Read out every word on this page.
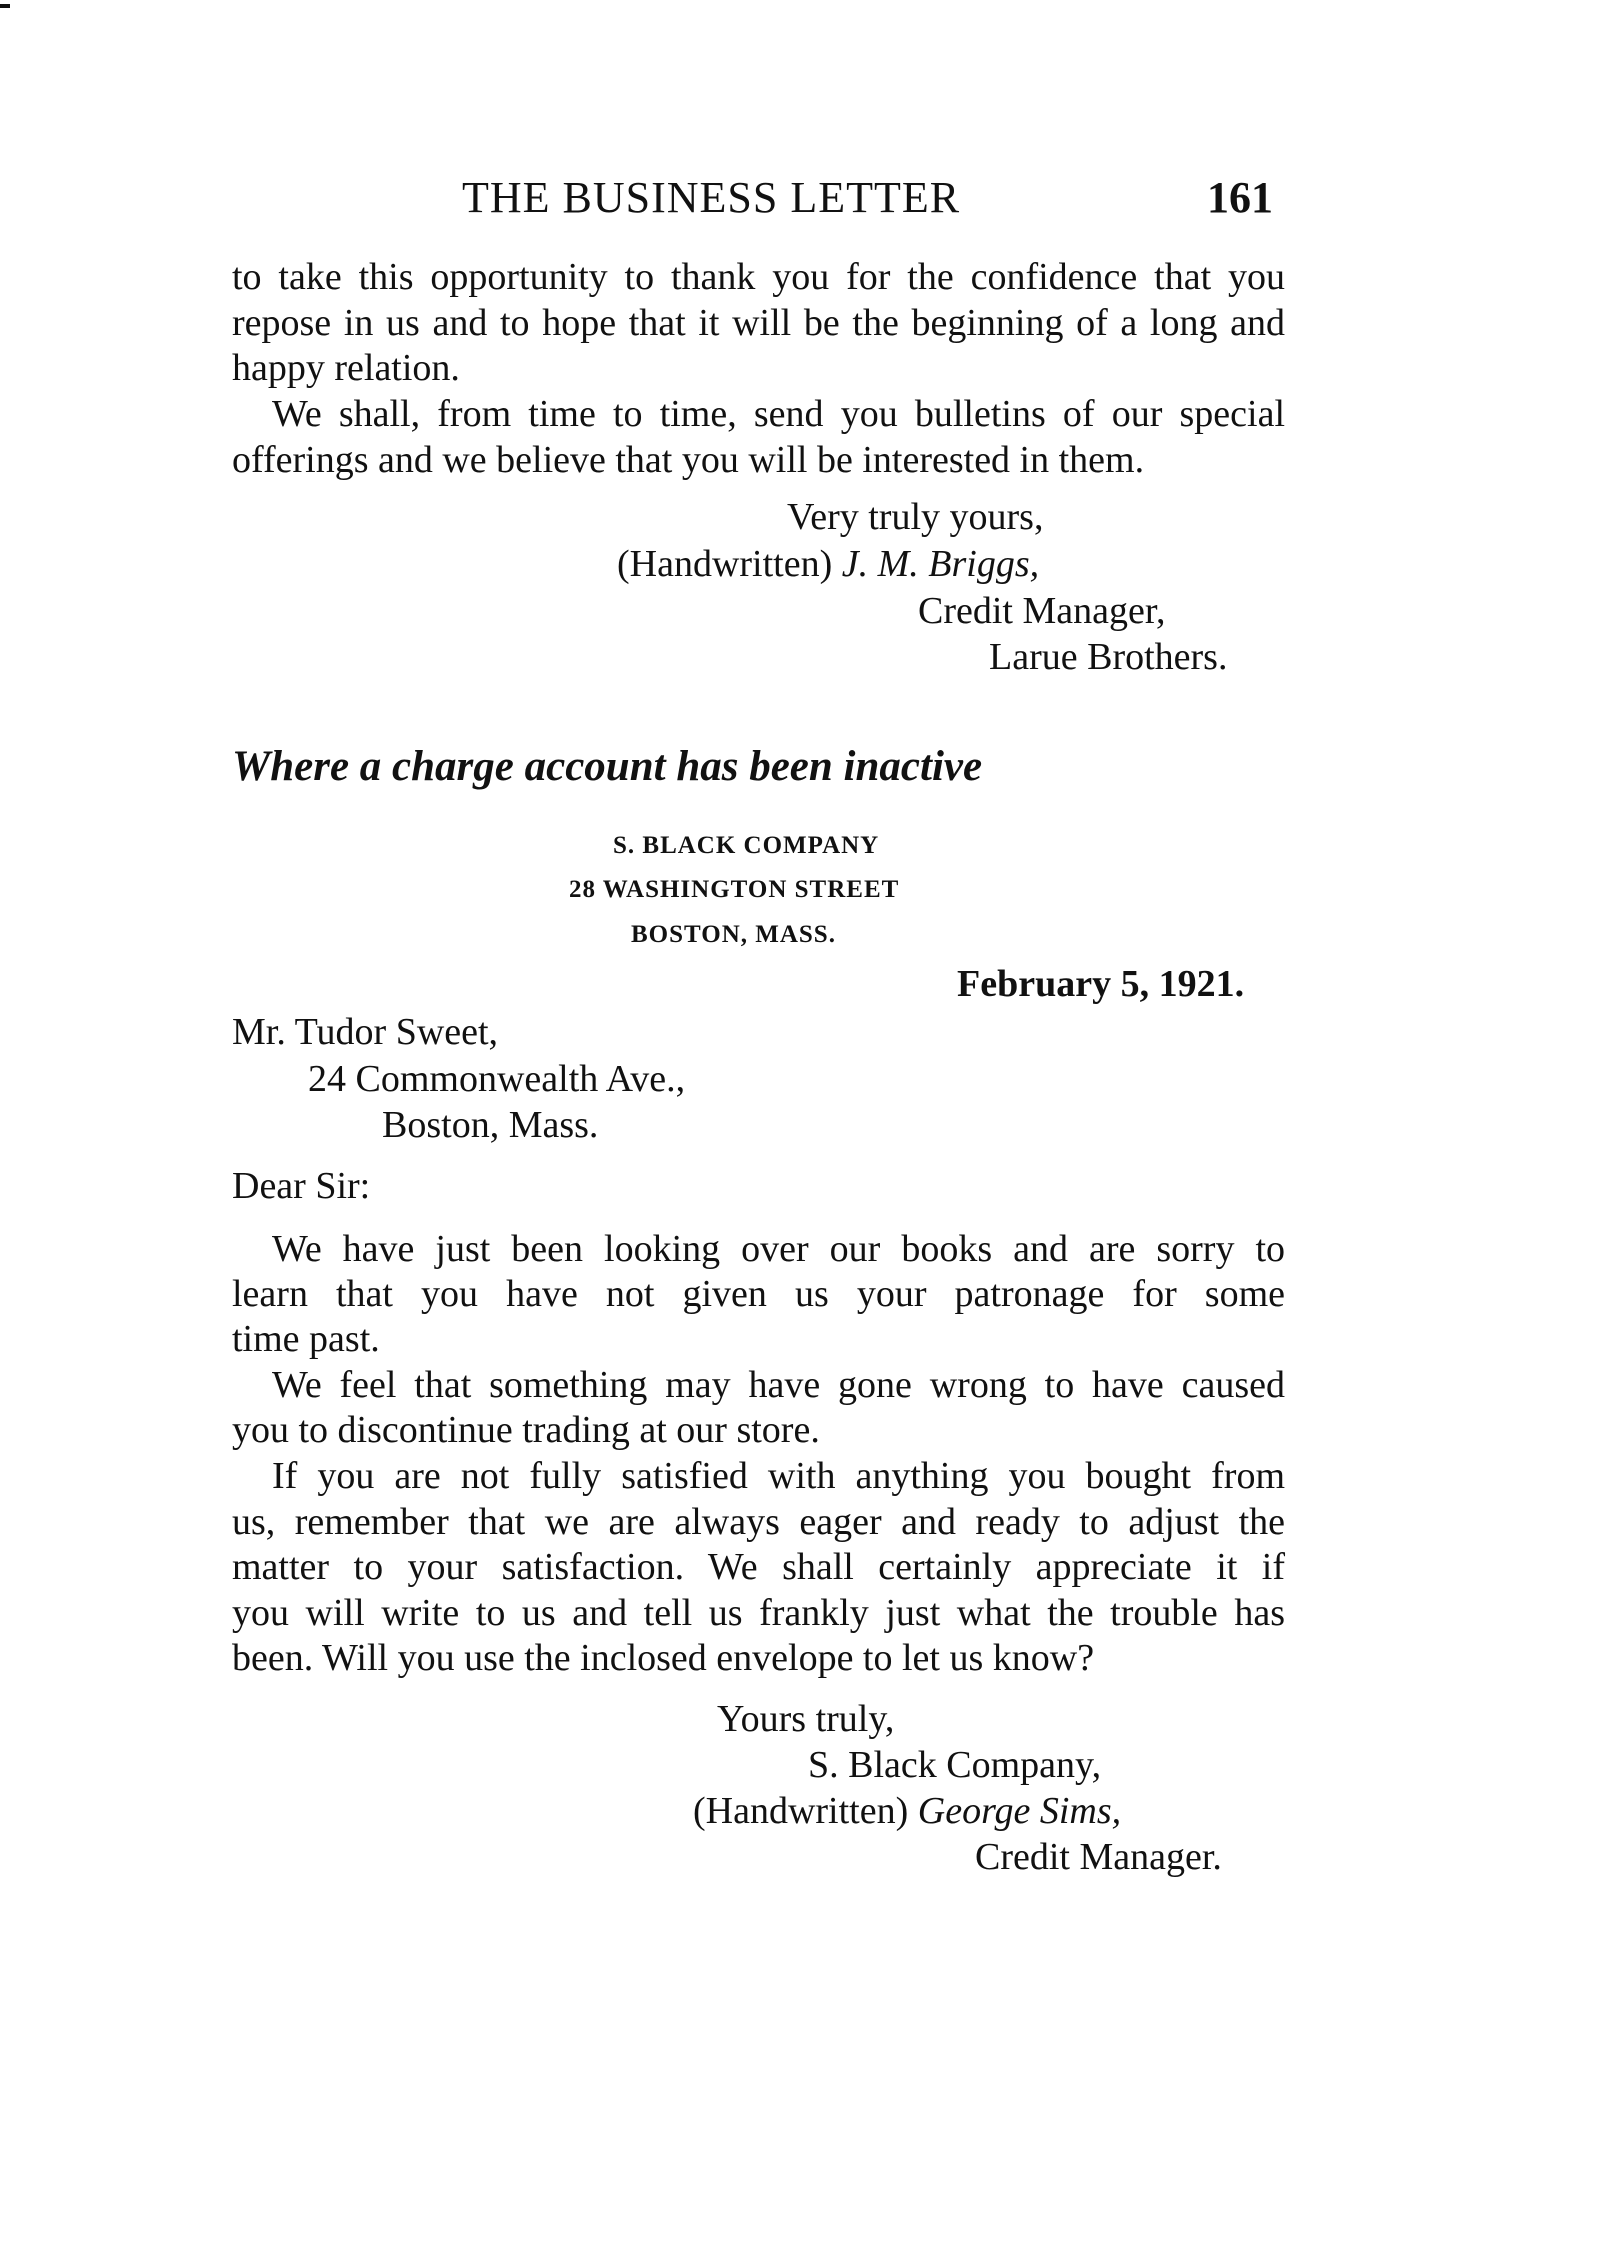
THE BUSINESS LETTER	161
to take this opportunity to thank you for the confidence that you
repose in us and to hope that it will be the beginning of a long and
happy relation.
We shall, from time to time, send you bulletins of our special
offerings and we believe that you will be interested in them.
Very truly yours,
(Handwritten) J. M. Briggs,
Credit Manager,
Larue Brothers.
Where a charge account has been inactive
S. BLACK COMPANY
28 WASHINGTON STREET
BOSTON, MASS.
February 5, 1921.
Mr. Tudor Sweet,
24 Commonwealth Ave.,
Boston, Mass.
Dear Sir:
We have just been looking over our books and are sorry to
learn that you have not given us your patronage for some
time past.
We feel that something may have gone wrong to have caused
you to discontinue trading at our store.
If you are not fully satisfied with anything you bought from
us, remember that we are always eager and ready to adjust the
matter to your satisfaction. We shall certainly appreciate it if
you will write to us and tell us frankly just what the trouble has
been. Will you use the inclosed envelope to let us know?
Yours truly,
S. Black Company,
(Handwritten) George Sims,
Credit Manager.
